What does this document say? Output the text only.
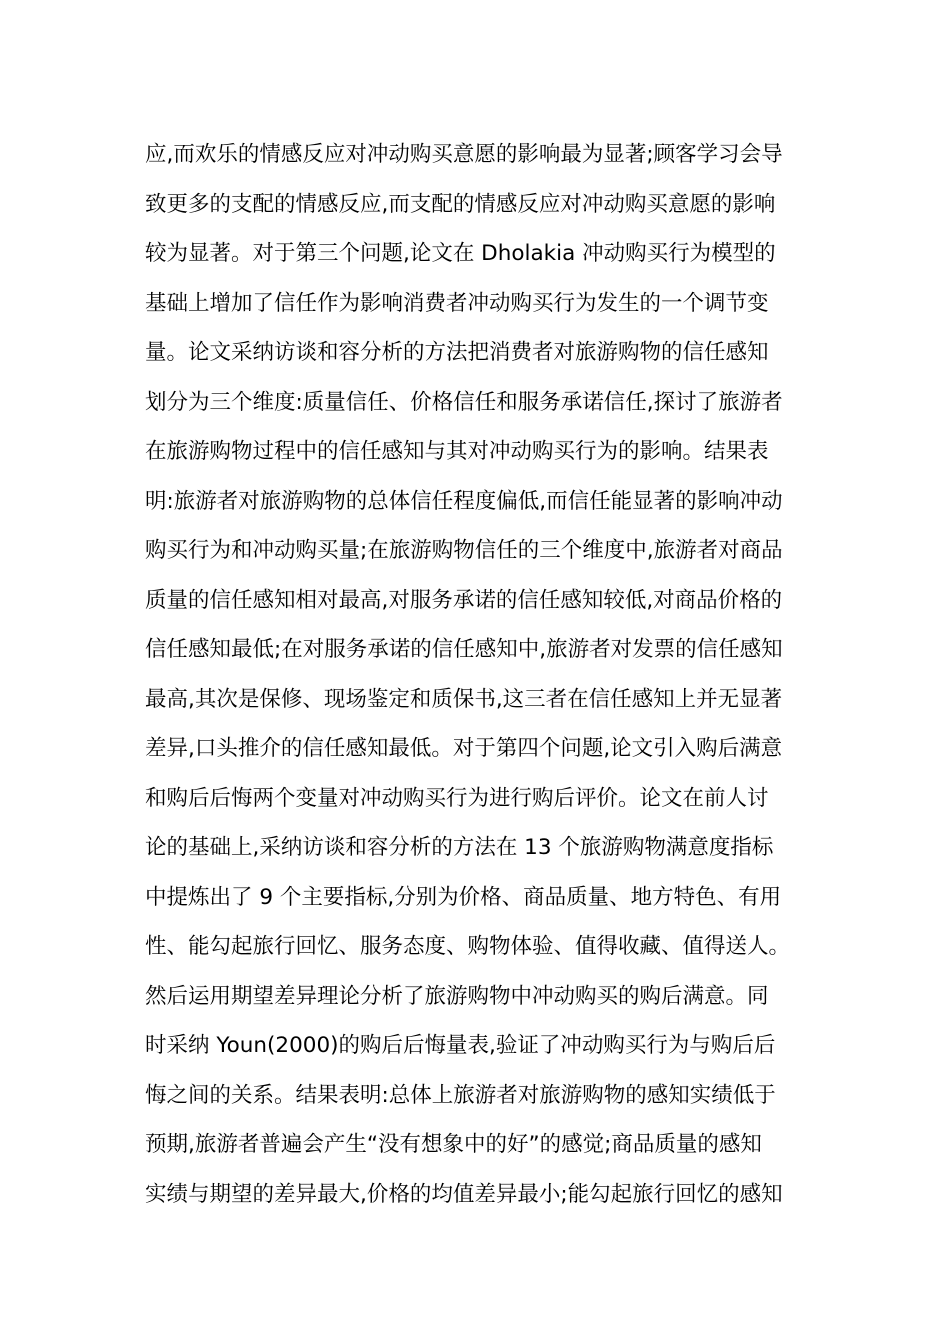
应,而欢乐的情感反应对冲动购买意愿的影响最为显著;顾客学习会导
致更多的支配的情感反应,而支配的情感反应对冲动购买意愿的影响
较为显著。对于第三个问题,论文在 Dholakia 冲动购买行为模型的
基础上增加了信任作为影响消费者冲动购买行为发生的一个调节变
量。论文采纳访谈和容分析的方法把消费者对旅游购物的信任感知
划分为三个维度:质量信任、价格信任和服务承诺信任,探讨了旅游者
在旅游购物过程中的信任感知与其对冲动购买行为的影响。结果表
明:旅游者对旅游购物的总体信任程度偏低,而信任能显著的影响冲动
购买行为和冲动购买量;在旅游购物信任的三个维度中,旅游者对商品
质量的信任感知相对最高,对服务承诺的信任感知较低,对商品价格的
信任感知最低;在对服务承诺的信任感知中,旅游者对发票的信任感知
最高,其次是保修、现场鉴定和质保书,这三者在信任感知上并无显著
差异,口头推介的信任感知最低。对于第四个问题,论文引入购后满意
和购后后悔两个变量对冲动购买行为进行购后评价。论文在前人讨
论的基础上,采纳访谈和容分析的方法在 13 个旅游购物满意度指标
中提炼出了 9 个主要指标,分别为价格、商品质量、地方特色、有用
性、能勾起旅行回忆、服务态度、购物体验、值得收藏、值得送人。
然后运用期望差异理论分析了旅游购物中冲动购买的购后满意。同
时采纳 Youn(2000)的购后后悔量表,验证了冲动购买行为与购后后
悔之间的关系。结果表明:总体上旅游者对旅游购物的感知实绩低于
预期,旅游者普遍会产生“没有想象中的好”的感觉;商品质量的感知
实绩与期望的差异最大,价格的均值差异最小;能勾起旅行回忆的感知
